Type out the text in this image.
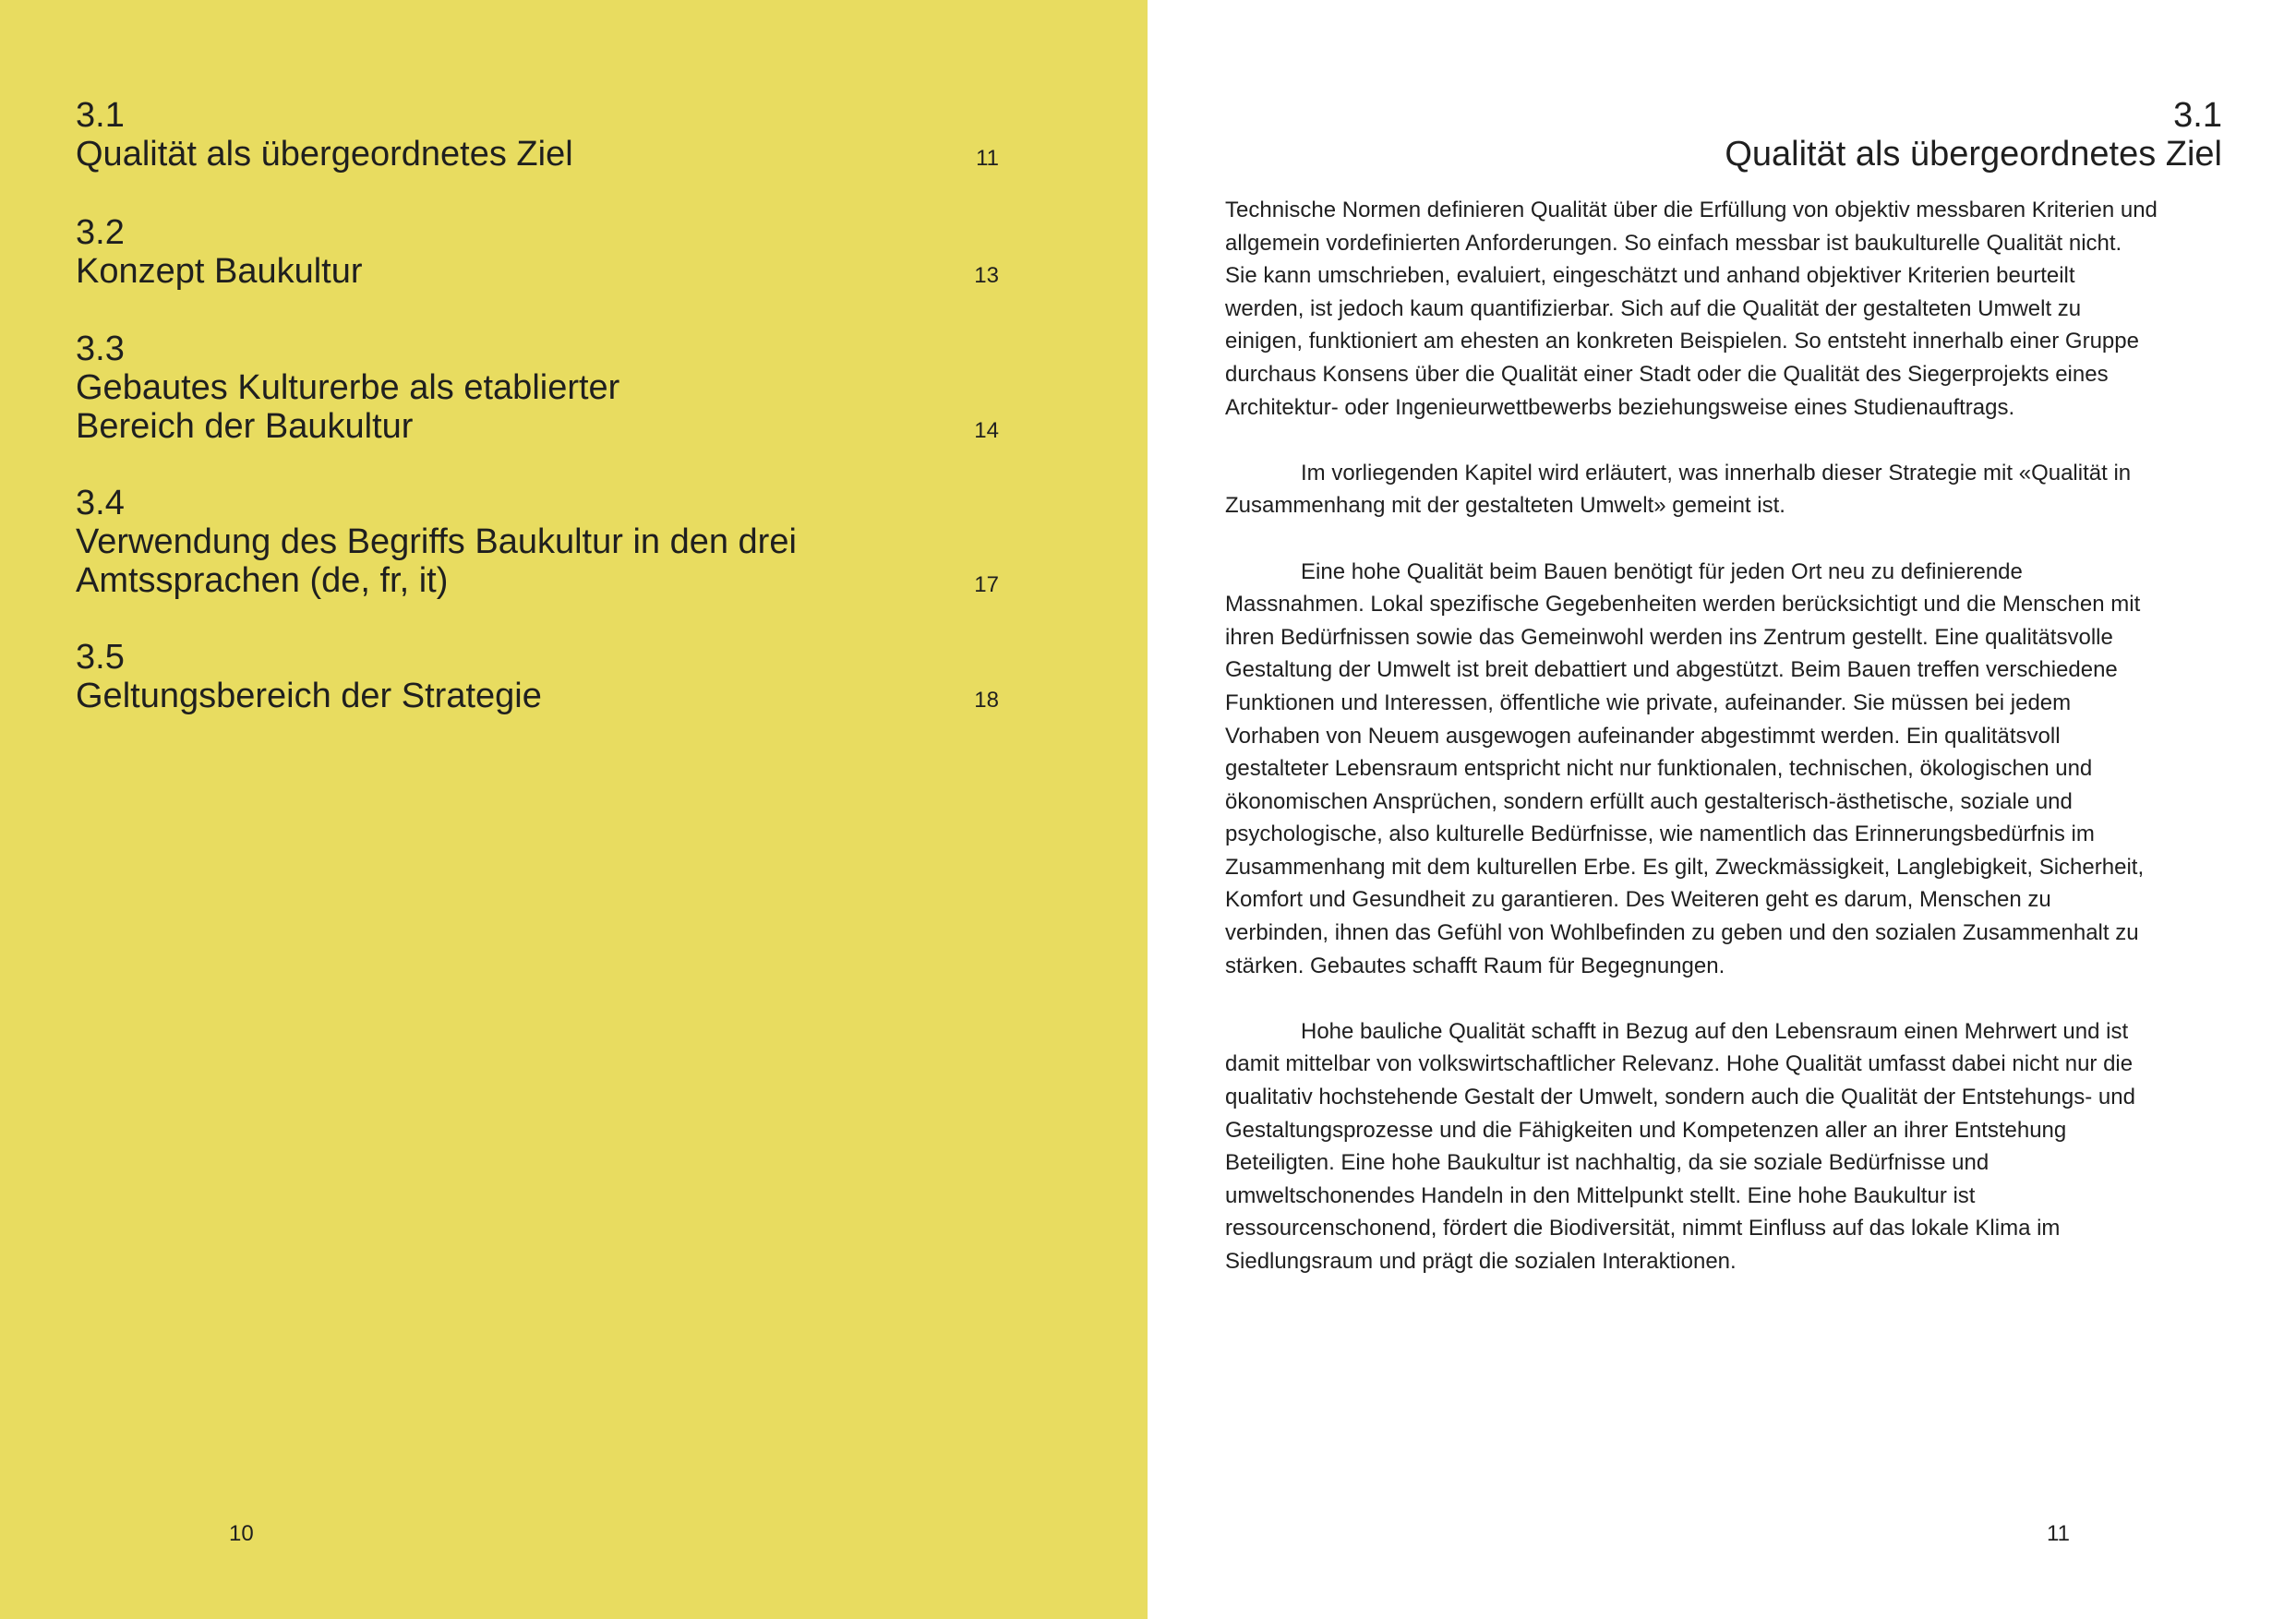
3.1
Qualität als übergeordnetes Ziel	11
3.2
Konzept Baukultur	13
3.3
Gebautes Kulturerbe als etablierter Bereich der Baukultur	14
3.4
Verwendung des Begriffs Baukultur in den drei Amtssprachen (de, fr, it)	17
3.5
Geltungsbereich der Strategie	18
10
3.1
Qualität als übergeordnetes Ziel

Technische Normen definieren Qualität über die Erfüllung von objektiv messbaren Kriterien und allgemein vordefinierten Anforderungen. So einfach messbar ist baukulturelle Qualität nicht. Sie kann umschrieben, evaluiert, eingeschätzt und anhand objektiver Kriterien beurteilt werden, ist jedoch kaum quantifizierbar. Sich auf die Qualität der gestalteten Umwelt zu einigen, funktioniert am ehesten an konkreten Beispielen. So entsteht innerhalb einer Gruppe durchaus Konsens über die Qualität einer Stadt oder die Qualität des Siegerprojekts eines Architektur- oder Ingenieurwettbewerbs beziehungsweise eines Studienauftrags.

Im vorliegenden Kapitel wird erläutert, was innerhalb dieser Strategie mit «Qualität in Zusammenhang mit der gestalteten Umwelt» gemeint ist.

Eine hohe Qualität beim Bauen benötigt für jeden Ort neu zu definierende Massnahmen. Lokal spezifische Gegebenheiten werden berücksichtigt und die Menschen mit ihren Bedürfnissen sowie das Gemeinwohl werden ins Zentrum gestellt. Eine qualitätsvolle Gestaltung der Umwelt ist breit debattiert und abgestützt. Beim Bauen treffen verschiedene Funktionen und Interessen, öffentliche wie private, aufeinander. Sie müssen bei jedem Vorhaben von Neuem ausgewogen aufeinander abgestimmt werden. Ein qualitätsvoll gestalteter Lebensraum entspricht nicht nur funktionalen, technischen, ökologischen und ökonomischen Ansprüchen, sondern erfüllt auch gestalterisch-ästhetische, soziale und psychologische, also kulturelle Bedürfnisse, wie namentlich das Erinnerungsbedürfnis im Zusammenhang mit dem kulturellen Erbe. Es gilt, Zweckmässigkeit, Langlebigkeit, Sicherheit, Komfort und Gesundheit zu garantieren. Des Weiteren geht es darum, Menschen zu verbinden, ihnen das Gefühl von Wohlbefinden zu geben und den sozialen Zusammenhalt zu stärken. Gebautes schafft Raum für Begegnungen.

Hohe bauliche Qualität schafft in Bezug auf den Lebensraum einen Mehrwert und ist damit mittelbar von volkswirtschaftlicher Relevanz. Hohe Qualität umfasst dabei nicht nur die qualitativ hochstehende Gestalt der Umwelt, sondern auch die Qualität der Entstehungs- und Gestaltungsprozesse und die Fähigkeiten und Kompetenzen aller an ihrer Entstehung Beteiligten. Eine hohe Baukultur ist nachhaltig, da sie soziale Bedürfnisse und umweltschonendes Handeln in den Mittelpunkt stellt. Eine hohe Baukultur ist ressourcenschonend, fördert die Biodiversität, nimmt Einfluss auf das lokale Klima im Siedlungsraum und prägt die sozialen Interaktionen.

11
